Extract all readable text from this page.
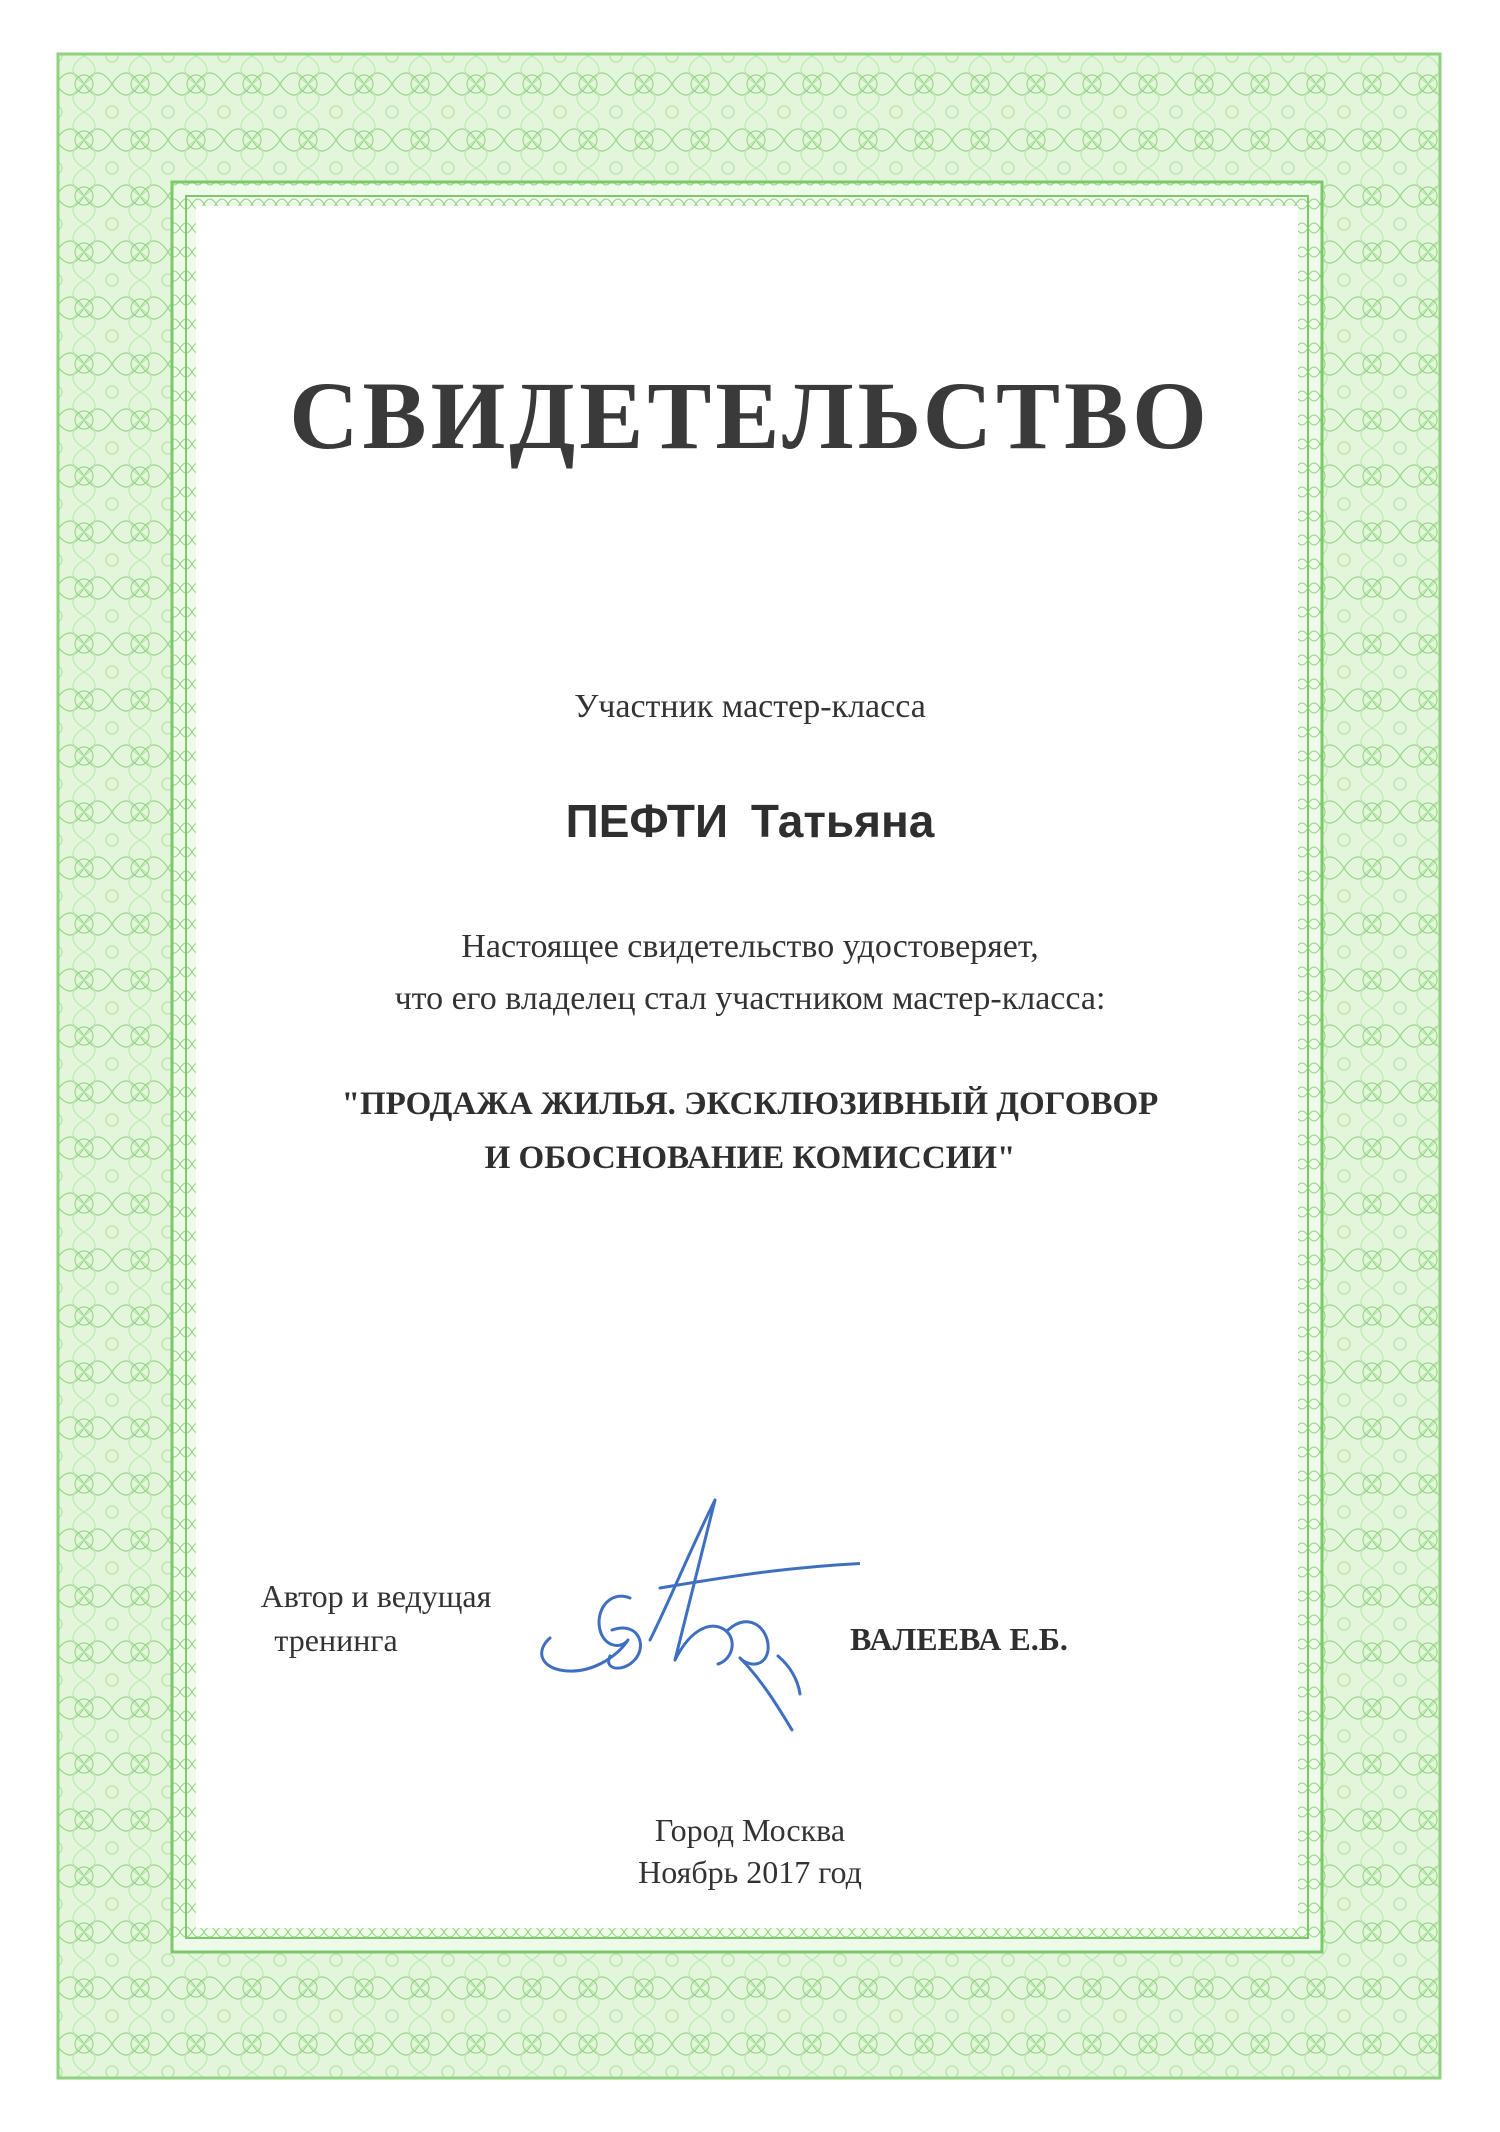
СВИДЕТЕЛЬСТВО
Участник мастер-класса
ПЕФТИ Татьяна
Настоящее свидетельство удостоверяет,
что его владелец стал участником мастер-класса:
"ПРОДАЖА ЖИЛЬЯ. ЭКСКЛЮЗИВНЫЙ ДОГОВОР
И ОБОСНОВАНИЕ КОМИССИИ"
Автор и ведущая
тренинга	ВАЛЕЕВА Е.Б.
Город Москва
Ноябрь 2017 год
